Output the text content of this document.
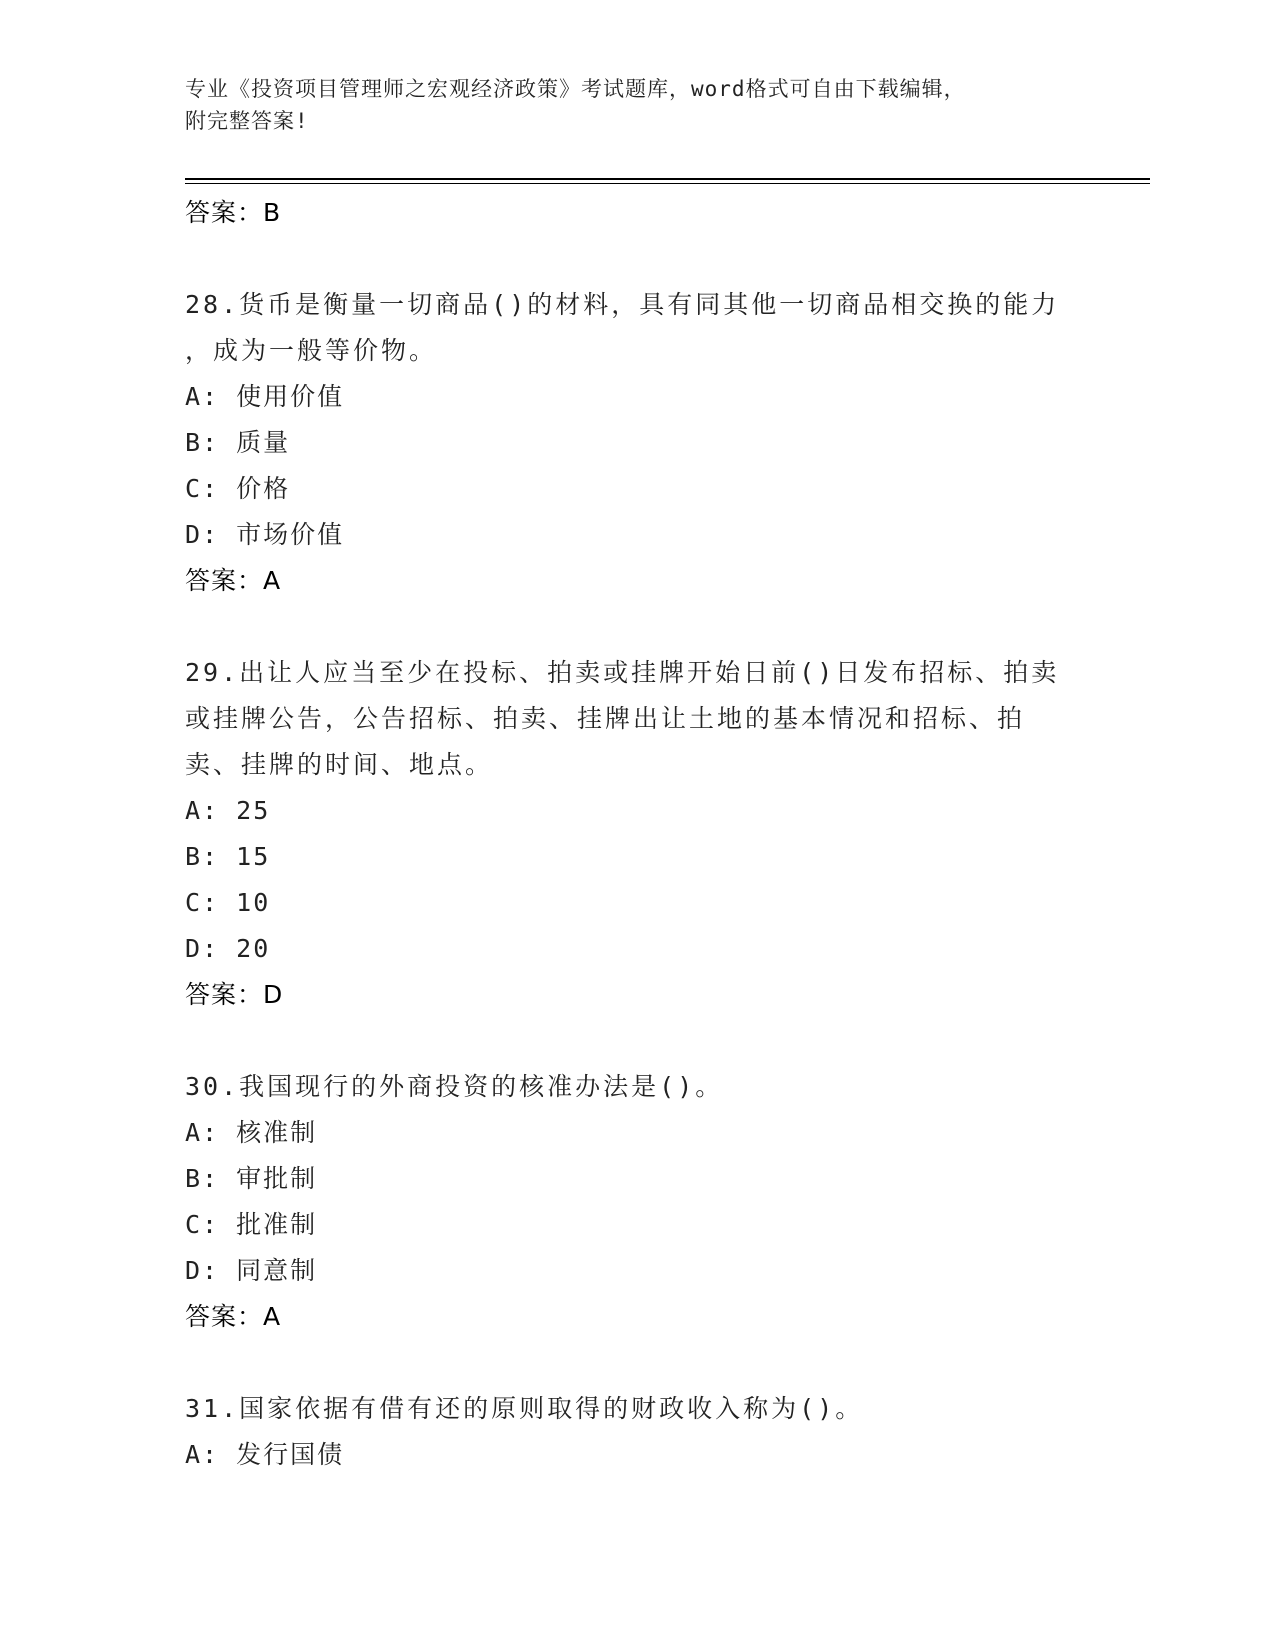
专业《投资项目管理师之宏观经济政策》考试题库，word格式可自由下载编辑，
附完整答案!
答案：B
28.货币是衡量一切商品()的材料，具有同其他一切商品相交换的能力
，成为一般等价物。
A: 使用价值
B: 质量
C: 价格
D: 市场价值
答案：A
29.出让人应当至少在投标、拍卖或挂牌开始日前()日发布招标、拍卖
或挂牌公告，公告招标、拍卖、挂牌出让土地的基本情况和招标、拍
卖、挂牌的时间、地点。
A: 25
B: 15
C: 10
D: 20
答案：D
30.我国现行的外商投资的核准办法是()。
A: 核准制
B: 审批制
C: 批准制
D: 同意制
答案：A
31.国家依据有借有还的原则取得的财政收入称为()。
A: 发行国债
